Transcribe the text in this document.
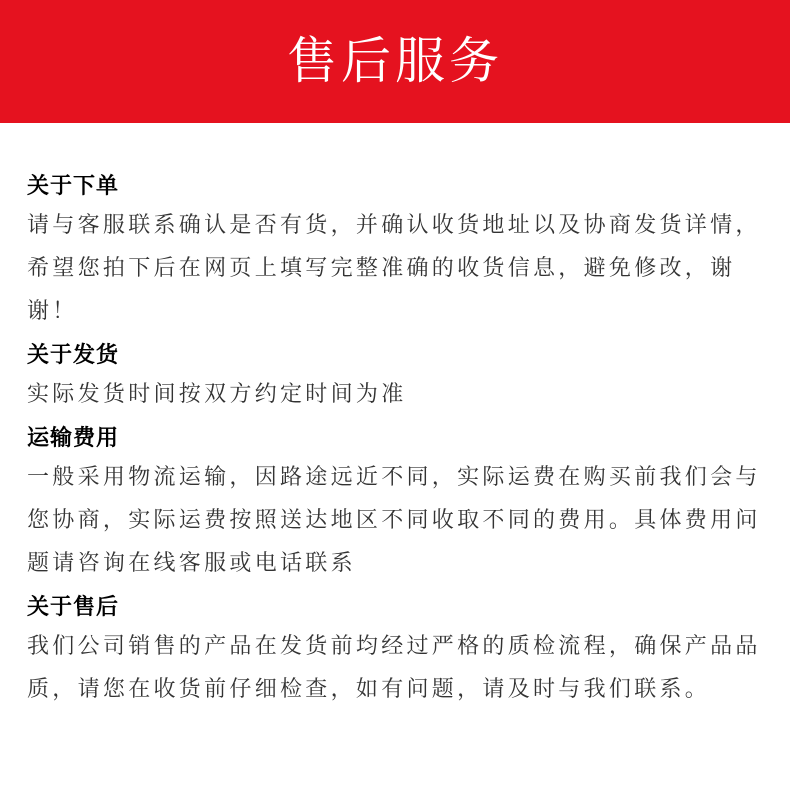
售后服务

关于下单

请与客服联系确认是否有货，并确认收货地址以及协商发货详情，希望您拍下后在网页上填写完整准确的收货信息，避免修改，谢谢！

关于发货

实际发货时间按双方约定时间为准

运输费用

一般采用物流运输，因路途远近不同，实际运费在购买前我们会与您协商，实际运费按照送达地区不同收取不同的费用。具体费用问题请咨询在线客服或电话联系

关于售后

我们公司销售的产品在发货前均经过严格的质检流程，确保产品品质，请您在收货前仔细检查，如有问题，请及时与我们联系。
